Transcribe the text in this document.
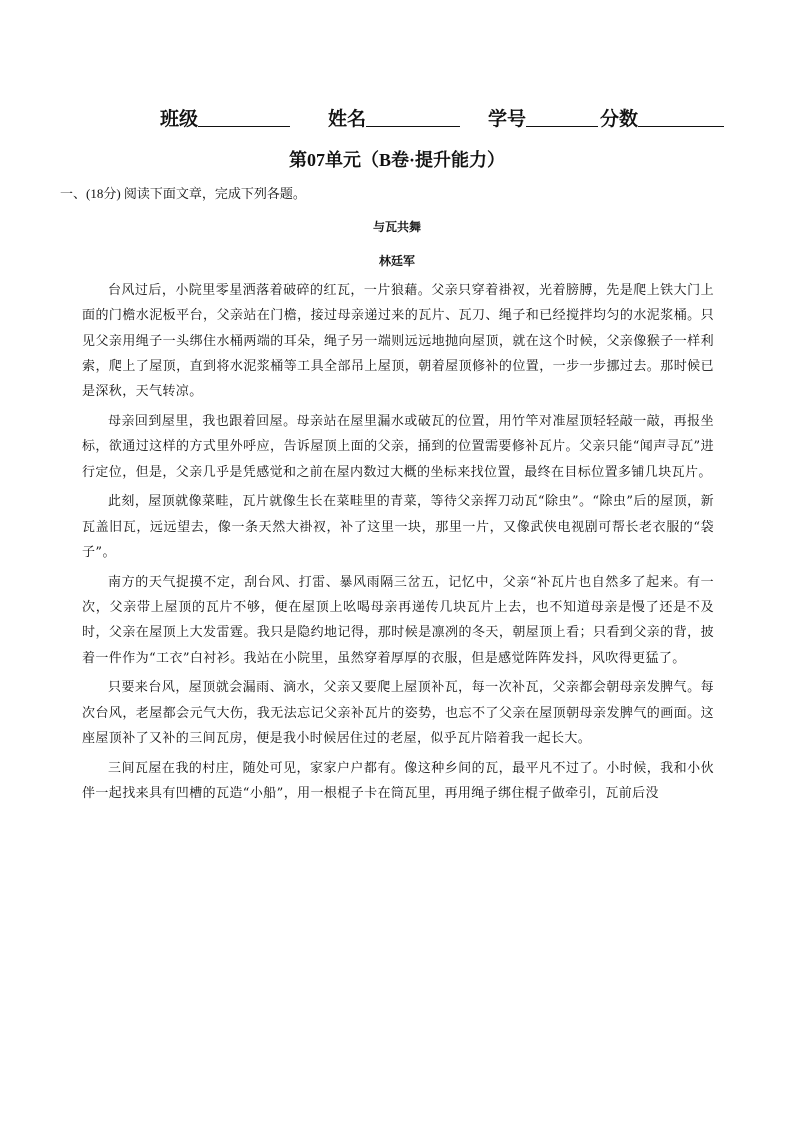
班级	姓名	学号	分数
第07单元（B卷·提升能力）
一、(18分) 阅读下面文章，完成下列各题。
与瓦共舞
林廷军

台风过后，小院里零星洒落着破碎的红瓦，一片狼藉。父亲只穿着褂衩，光着膀膊，先是爬上铁大门上面的门檐水泥板平台，父亲站在门檐，接过母亲递过来的瓦片、瓦刀、绳子和已经搅拌均匀的水泥浆桶。只见父亲用绳子一头绑住水桶两端的耳朵，绳子另一端则远远地抛向屋顶，就在这个时候，父亲像猴子一样利索，爬上了屋顶，直到将水泥浆桶等工具全部吊上屋顶，朝着屋顶修补的位置，一步一步挪过去。那时候已是深秋，天气转凉。

母亲回到屋里，我也跟着回屋。母亲站在屋里漏水或破瓦的位置，用竹竿对准屋顶轻轻敲一敲，再报坐标，欲通过这样的方式里外呼应，告诉屋顶上面的父亲，捅到的位置需要修补瓦片。父亲只能“闻声寻瓦”进行定位，但是，父亲几乎是凭感觉和之前在屋内数过大概的坐标来找位置，最终在目标位置多铺几块瓦片。

此刻，屋顶就像菜畦，瓦片就像生长在菜畦里的青菜，等待父亲挥刀动瓦“除虫”。“除虫”后的屋顶，新瓦盖旧瓦，远远望去，像一条天然大褂衩，补了这里一块，那里一片，又像武侠电视剧可帮长老衣服的“袋子”。

南方的天气捉摸不定，刮台风、打雷、暴风雨隔三岔五，记忆中，父亲“补瓦片也自然多了起来。有一次，父亲带上屋顶的瓦片不够，便在屋顶上吆喝母亲再递传几块瓦片上去，也不知道母亲是慢了还是不及时，父亲在屋顶上大发雷霆。我只是隐约地记得，那时候是凛冽的冬天，朝屋顶上看；只看到父亲的背，披着一件作为“工衣”白衬衫。我站在小院里，虽然穿着厚厚的衣服，但是感觉阵阵发抖，风吹得更猛了。

只要来台风，屋顶就会漏雨、滴水，父亲又要爬上屋顶补瓦，每一次补瓦，父亲都会朝母亲发脾气。每次台风，老屋都会元气大伤，我无法忘记父亲补瓦片的姿势，也忘不了父亲在屋顶朝母亲发脾气的画面。这座屋顶补了又补的三间瓦房，便是我小时候居住过的老屋，似乎瓦片陪着我一起长大。

三间瓦屋在我的村庄，随处可见，家家户户都有。像这种乡间的瓦，最平凡不过了。小时候，我和小伙伴一起找来具有凹槽的瓦造“小船”，用一根棍子卡在筒瓦里，再用绳子绑住棍子做牵引，瓦前后没
